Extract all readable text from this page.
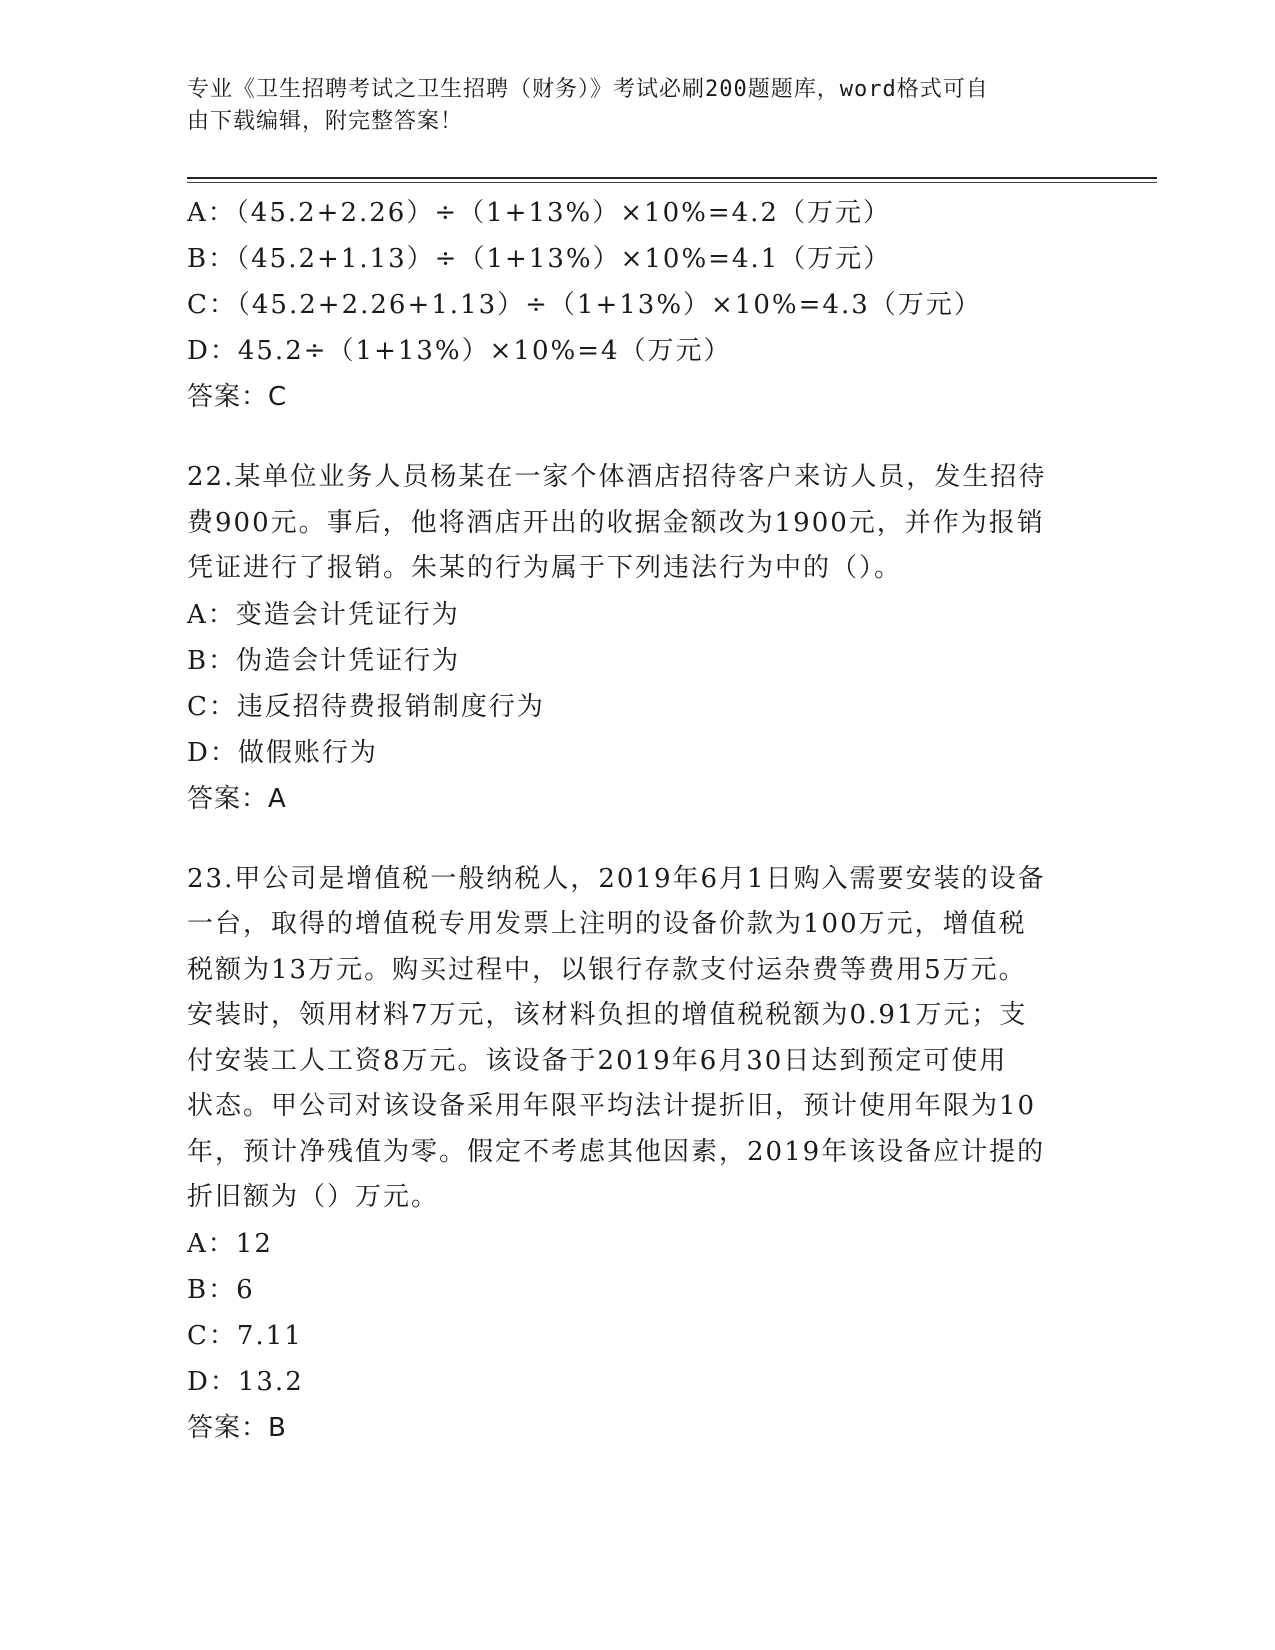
专业《卫生招聘考试之卫生招聘（财务）》考试必刷200题题库，word格式可自
由下载编辑，附完整答案！
A：（45.2+2.26）÷（1+13%）×10%=4.2（万元）
B：（45.2+1.13）÷（1+13%）×10%=4.1（万元）
C：（45.2+2.26+1.13）÷（1+13%）×10%=4.3（万元）
D：45.2÷（1+13%）×10%=4（万元）
答案：C
22.某单位业务人员杨某在一家个体酒店招待客户来访人员，发生招待
费900元。事后，他将酒店开出的收据金额改为1900元，并作为报销
凭证进行了报销。朱某的行为属于下列违法行为中的（）。
A：变造会计凭证行为
B：伪造会计凭证行为
C：违反招待费报销制度行为
D：做假账行为
答案：A
23.甲公司是增值税一般纳税人，2019年6月1日购入需要安装的设备
一台，取得的增值税专用发票上注明的设备价款为100万元，增值税
税额为13万元。购买过程中，以银行存款支付运杂费等费用5万元。
安装时，领用材料7万元，该材料负担的增值税税额为0.91万元；支
付安装工人工资8万元。该设备于2019年6月30日达到预定可使用
状态。甲公司对该设备采用年限平均法计提折旧，预计使用年限为10
年，预计净残值为零。假定不考虑其他因素，2019年该设备应计提的
折旧额为（）万元。
A：12
B：6
C：7.11
D：13.2
答案：B
